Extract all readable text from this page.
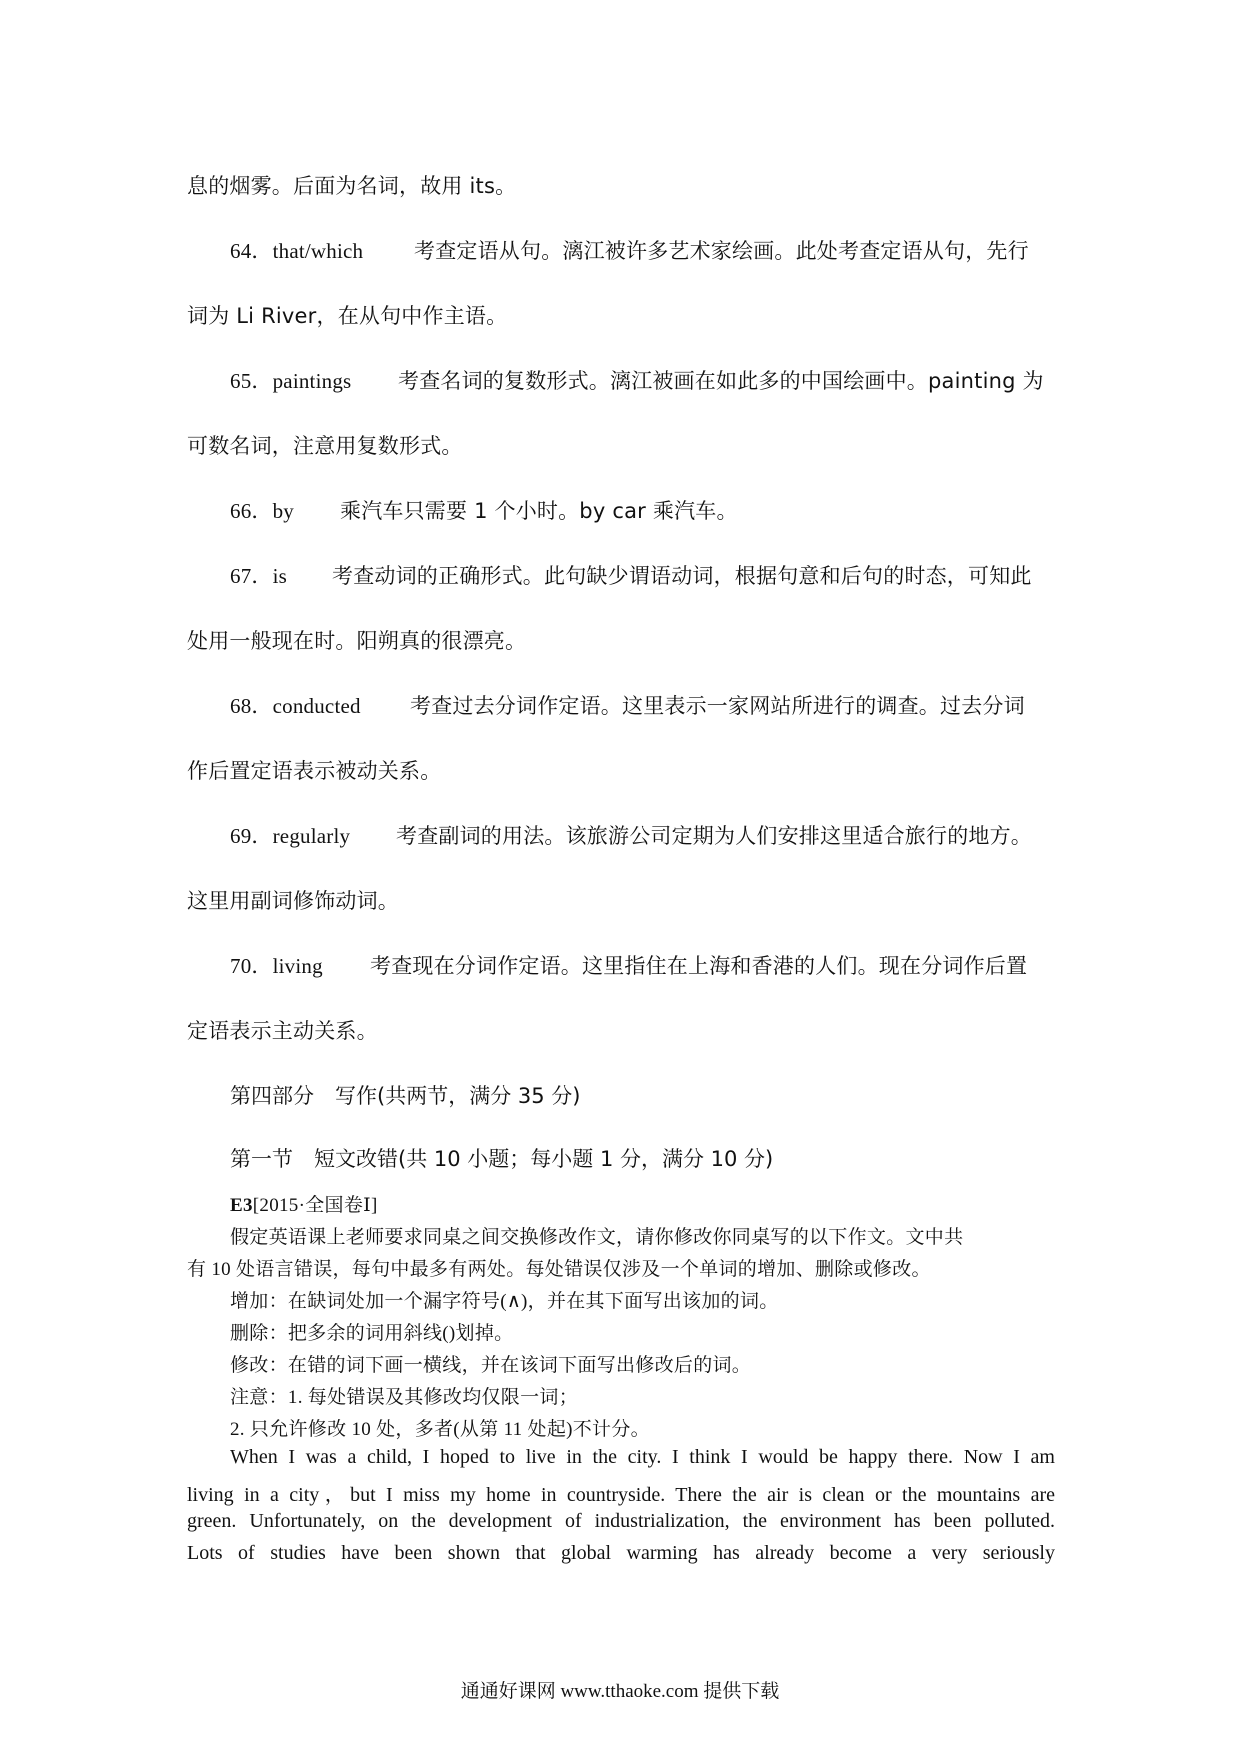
息的烟雾。后面为名词，故用 its。
64．that/which 考查定语从句。漓江被许多艺术家绘画。此处考查定语从句，先行
词为 Li River，在从句中作主语。
65．paintings 考查名词的复数形式。漓江被画在如此多的中国绘画中。painting 为
可数名词，注意用复数形式。
66．by 乘汽车只需要 1 个小时。by car 乘汽车。
67．is 考查动词的正确形式。此句缺少谓语动词，根据句意和后句的时态，可知此
处用一般现在时。阳朔真的很漂亮。
68．conducted 考查过去分词作定语。这里表示一家网站所进行的调查。过去分词
作后置定语表示被动关系。
69．regularly 考查副词的用法。该旅游公司定期为人们安排这里适合旅行的地方。
这里用副词修饰动词。
70．living 考查现在分词作定语。这里指住在上海和香港的人们。现在分词作后置
定语表示主动关系。
第四部分　写作(共两节，满分 35 分)
第一节　短文改错(共 10 小题；每小题 1 分，满分 10 分)
E3[2015·全国卷Ⅰ]
假定英语课上老师要求同桌之间交换修改作文，请你修改你同桌写的以下作文。文中共
有 10 处语言错误，每句中最多有两处。每处错误仅涉及一个单词的增加、删除或修改。
增加：在缺词处加一个漏字符号(∧)，并在其下面写出该加的词。
删除：把多余的词用斜线()划掉。
修改：在错的词下画一横线，并在该词下面写出修改后的词。
注意：1. 每处错误及其修改均仅限一词；
2. 只允许修改 10 处，多者(从第 11 处起)不计分。
When I was a child, I hoped to live in the city. I think I would be happy there. Now I am
living in a city，but I miss my home in countryside. There the air is clean or the mountains are
green. Unfortunately, on the development of industrialization, the environment has been polluted.
Lots of studies have been shown that global warming has already become a very seriously
通通好课网 www.tthaoke.com 提供下载
